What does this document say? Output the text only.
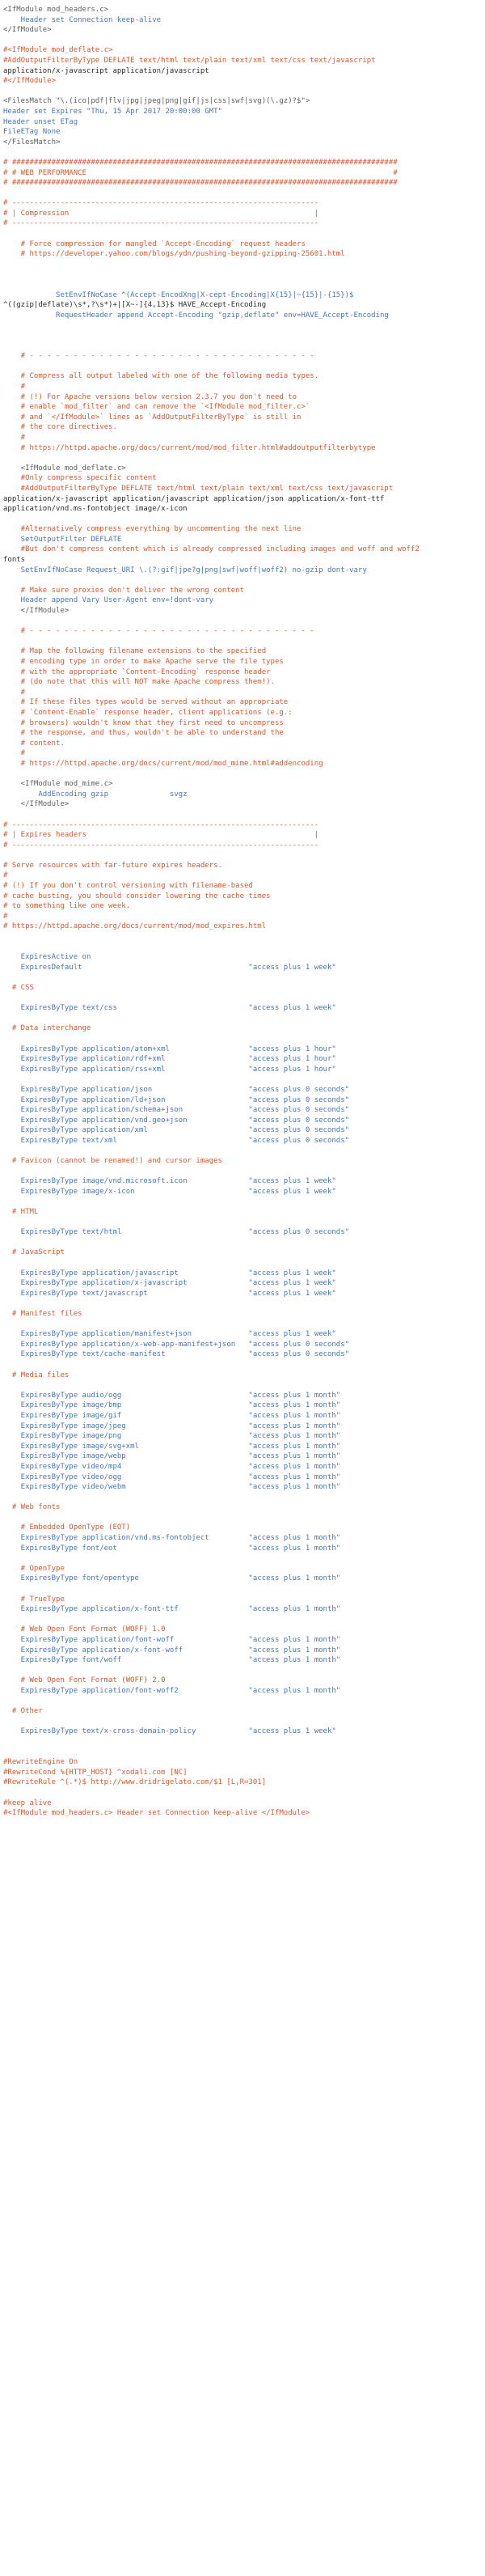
<IfModule mod_headers.c>
Header set Connection keep-alive
</IfModule>
#<IfModule mod_deflate.c>
#AddOutputFilterByType DEFLATE text/html text/plain text/xml text/css text/javascript
application/x-javascript application/javascript
#</IfModule>
<FilesMatch "\.(ico|pdf|flv|jpg|jpeg|png|gif|js|css|swf|svg)(\.gz)?$">
Header set Expires "Thu, 15 Apr 2017 20:00:00 GMT"
Header unset ETag
FileETag None
</FilesMatch>
# ########################################################################################
# # WEB PERFORMANCE                                                                      #
# ########################################################################################
# ----------------------------------------------------------------------
# | Compression                                                        |
# ----------------------------------------------------------------------
# Force compression for mangled `Accept-Encoding` request headers
# https://developer.yahoo.com/blogs/ydn/pushing-beyond-gzipping-25601.html
SetEnvIfNoCase ^(Accept-EncodXng|X-cept-Encoding|X{15}|~{15}|-{15})$
^((gzip|deflate)\s*,?\s*)+|[X~-]{4,13}$ HAVE_Accept-Encoding
RequestHeader append Accept-Encoding "gzip,deflate" env=HAVE_Accept-Encoding
# - - - - - - - - - - - - - - - - - - - - - - - - - - - - - - - - -
# Compress all output labeled with one of the following media types.
#
# (!) For Apache versions below version 2.3.7 you don't need to
# enable `mod_filter` and can remove the `<IfModule mod_filter.c>`
# and `</IfModule>` lines as `AddOutputFilterByType` is still in
# the core directives.
#
# https://httpd.apache.org/docs/current/mod/mod_filter.html#addoutputfilterbytype
<IfModule mod_deflate.c>
#Only compress specific content
#AddOutputFilterByType DEFLATE text/html text/plain text/xml text/css text/javascript
application/x-javascript application/javascript application/json application/x-font-ttf
application/vnd.ms-fontobject image/x-icon
#Alternatively compress everything by uncommenting the next line
SetOutputFilter DEFLATE
#But don't compress content which is already compressed including images and woff and woff2
fonts
SetEnvIfNoCase Request_URI \.(?:gif|jpe?g|png|swf|woff|woff2) no-gzip dont-vary
# Make sure proxies don't deliver the wrong content
Header append Vary User-Agent env=!dont-vary
</IfModule>
# - - - - - - - - - - - - - - - - - - - - - - - - - - - - - - - - -
# Map the following filename extensions to the specified
# encoding type in order to make Apache serve the file types
# with the appropriate `Content-Encoding` response header
# (do note that this will NOT make Apache compress them!).
#
# If these files types would be served without an appropriate
# `Content-Enable` response header, client applications (e.g.:
# browsers) wouldn't know that they first need to uncompress
# the response, and thus, wouldn't be able to understand the
# content.
#
# https://httpd.apache.org/docs/current/mod/mod_mime.html#addencoding
<IfModule mod_mime.c>
AddEncoding gzip              svgz
</IfModule>
# ----------------------------------------------------------------------
# | Expires headers                                                    |
# ----------------------------------------------------------------------
# Serve resources with far-future expires headers.
#
# (!) If you don't control versioning with filename-based
# cache busting, you should consider lowering the cache times
# to something like one week.
#
# https://httpd.apache.org/docs/current/mod/mod_expires.html
ExpiresActive on
ExpiresDefault                                      "access plus 1 week"
# CSS
ExpiresByType text/css                              "access plus 1 week"
# Data interchange
ExpiresByType application/atom+xml                  "access plus 1 hour"
ExpiresByType application/rdf+xml                   "access plus 1 hour"
ExpiresByType application/rss+xml                   "access plus 1 hour"
ExpiresByType application/json                      "access plus 0 seconds"
ExpiresByType application/ld+json                   "access plus 0 seconds"
ExpiresByType application/schema+json               "access plus 0 seconds"
ExpiresByType application/vnd.geo+json              "access plus 0 seconds"
ExpiresByType application/xml                       "access plus 0 seconds"
ExpiresByType text/xml                              "access plus 0 seconds"
# Favicon (cannot be renamed!) and cursor images
ExpiresByType image/vnd.microsoft.icon              "access plus 1 week"
ExpiresByType image/x-icon                          "access plus 1 week"
# HTML
ExpiresByType text/html                             "access plus 0 seconds"
# JavaScript
ExpiresByType application/javascript                "access plus 1 week"
ExpiresByType application/x-javascript              "access plus 1 week"
ExpiresByType text/javascript                       "access plus 1 week"
# Manifest files
ExpiresByType application/manifest+json             "access plus 1 week"
ExpiresByType application/x-web-app-manifest+json   "access plus 0 seconds"
ExpiresByType text/cache-manifest                   "access plus 0 seconds"
# Media files
ExpiresByType audio/ogg                             "access plus 1 month"
ExpiresByType image/bmp                             "access plus 1 month"
ExpiresByType image/gif                             "access plus 1 month"
ExpiresByType image/jpeg                            "access plus 1 month"
ExpiresByType image/png                             "access plus 1 month"
ExpiresByType image/svg+xml                         "access plus 1 month"
ExpiresByType image/webp                            "access plus 1 month"
ExpiresByType video/mp4                             "access plus 1 month"
ExpiresByType video/ogg                             "access plus 1 month"
ExpiresByType video/webm                            "access plus 1 month"
# Web fonts
# Embedded OpenType (EOT)
ExpiresByType application/vnd.ms-fontobject         "access plus 1 month"
ExpiresByType font/eot                              "access plus 1 month"
# OpenType
ExpiresByType font/opentype                         "access plus 1 month"
# TrueType
ExpiresByType application/x-font-ttf                "access plus 1 month"
# Web Open Font Format (WOFF) 1.0
ExpiresByType application/font-woff                 "access plus 1 month"
ExpiresByType application/x-font-woff               "access plus 1 month"
ExpiresByType font/woff                             "access plus 1 month"
# Web Open Font Format (WOFF) 2.0
ExpiresByType application/font-woff2                "access plus 1 month"
# Other
ExpiresByType text/x-cross-domain-policy            "access plus 1 week"
#RewriteEngine On
#RewriteCond %{HTTP_HOST} ^xodali.com [NC]
#RewriteRule ^(.*)$ http://www.dridrigelato.com/$1 [L,R=301]
#keep alive
#<IfModule mod_headers.c> Header set Connection keep-alive </IfModule>
